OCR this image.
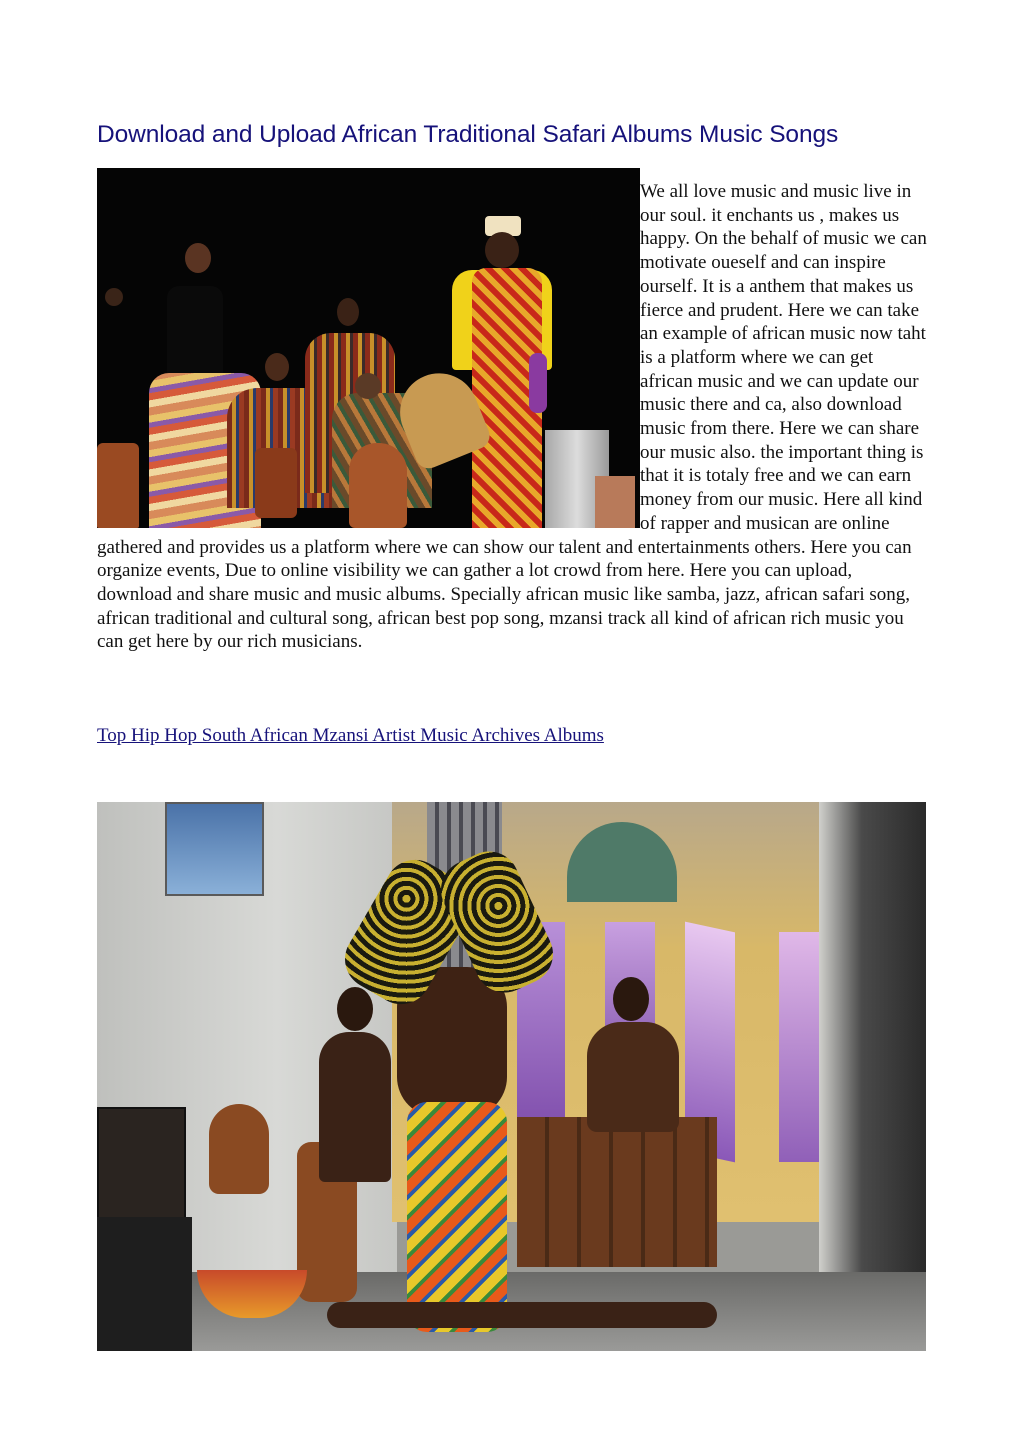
Download and Upload African Traditional Safari Albums Music Songs

We all love music and music live in our soul. it enchants us , makes us happy. On the behalf of music we can motivate oueself and can inspire ourself. It is a anthem that makes us fierce and prudent. Here we can take an example of african music now taht is a platform where we can get african music and we can update our music there and ca, also download music from there. Here we can share our music also. the important thing is that it is totaly free and we can earn money from our music. Here all kind of rapper and musican are online gathered and provides us a platform where we can show our talent and entertainments others. Here you can organize events, Due to online visibility we can gather a lot crowd from here. Here you can upload, download and share music and music albums. Specially african music like samba, jazz, african safari song, african traditional and cultural song, african best pop song, mzansi track all kind of african rich music you can get here by our rich musicians.

Top Hip Hop South African Mzansi Artist Music Archives Albums
